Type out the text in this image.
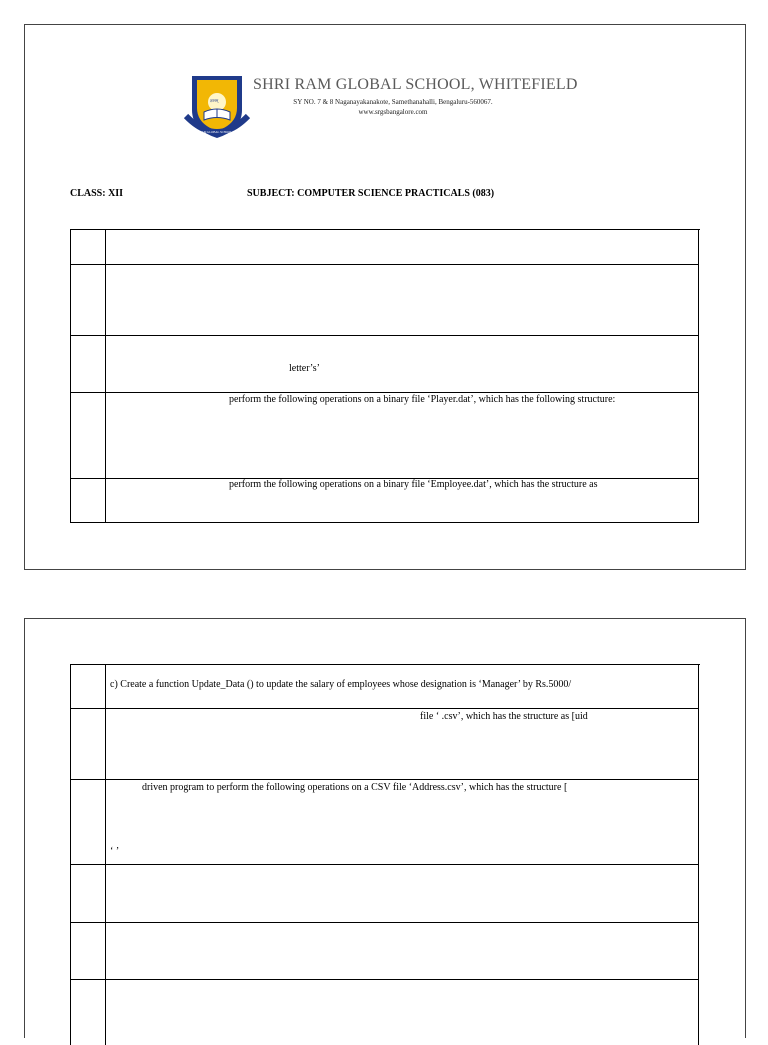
ज्ञानम्
SHRI RAM GLOBAL SCHOOL
SHRI RAM GLOBAL SCHOOL, WHITEFIELD
SY NO. 7 & 8 Naganayakanakote, Samethanahalli, Bengaluru-560067.
www.srgsbangalore.com
CLASS: XII	SUBJECT: COMPUTER SCIENCE PRACTICALS (083)
letter’s’
perform the following operations on a binary file ‘Player.dat’, which has the following structure:
perform the following operations on a binary file ‘Employee.dat’, which has the structure as
c) Create a function Update_Data () to update the salary of employees whose designation is ‘Manager’ by Rs.5000/
file ‘ .csv’, which has the structure as [uid
driven program to perform the following operations on a CSV file ‘Address.csv’, which has the structure [
‘ ’
